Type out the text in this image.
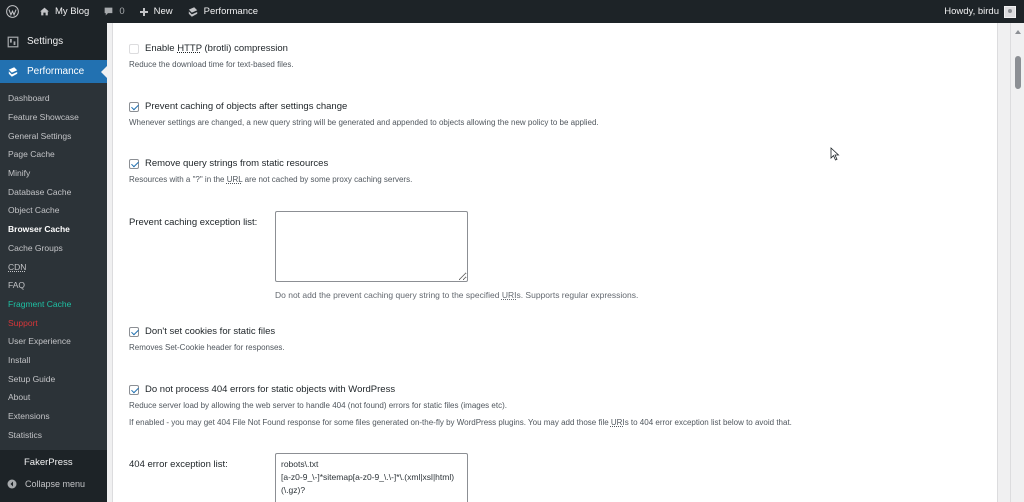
My Blog	0	New	Performance	Howdy, birdu
Settings
Performance
Dashboard
Feature Showcase
General Settings
Page Cache
Minify
Database Cache
Object Cache
Browser Cache
Cache Groups
CDN
FAQ
Fragment Cache
Support
User Experience
Install
Setup Guide
About
Extensions
Statistics
FakerPress
Collapse menu
Enable HTTP (brotli) compression
Reduce the download time for text-based files.
Prevent caching of objects after settings change
Whenever settings are changed, a new query string will be generated and appended to objects allowing the new policy to be applied.
Remove query strings from static resources
Resources with a "?" in the URL are not cached by some proxy caching servers.
Prevent caching exception list:
Do not add the prevent caching query string to the specified URIs. Supports regular expressions.
Don't set cookies for static files
Removes Set-Cookie header for responses.
Do not process 404 errors for static objects with WordPress
Reduce server load by allowing the web server to handle 404 (not found) errors for static files (images etc).
If enabled - you may get 404 File Not Found response for some files generated on-the-fly by WordPress plugins. You may add those file URIs to 404 error exception list below to avoid that.
404 error exception list:
robots\.txt [a-z0-9_\-]*sitemap[a-z0-9_\.\-]*\.(xml|xsl|html)(\.gz)?
